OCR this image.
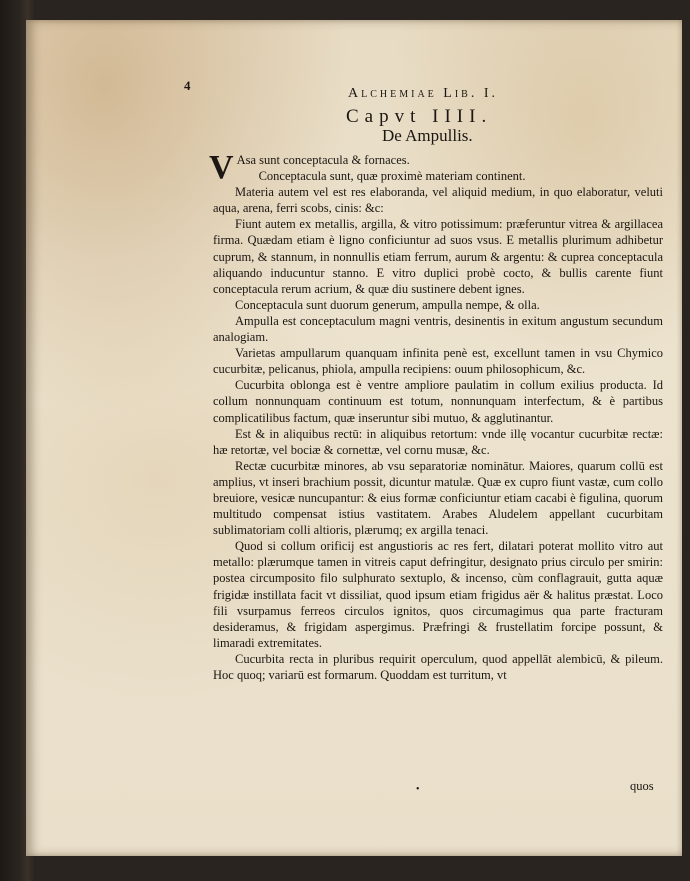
4
Alchemiae Lib. I.
Capvt IIII.
De Ampullis.

V Asa sunt conceptacula & fornaces.

Conceptacula sunt, quæ proximè materiam continent.

Materia autem vel est res elaboranda, vel aliquid medium, in quo elaboratur, veluti aqua, arena, ferri scobs, cinis: &c:

Fiunt autem ex metallis, argilla, & vitro potissimum: præferuntur vitrea & argillacea firma. Quædam etiam è ligno conficiuntur ad suos vsus. E metallis plurimum adhibetur cuprum, & stannum, in nonnullis etiam ferrum, aurum & argentu: & cuprea conceptacula aliquando inducuntur stanno. E vitro duplici probè cocto, & bullis carente fiunt conceptacula rerum acrium, & quæ diu sustinere debent ignes.

Conceptacula sunt duorum generum, ampulla nempe, & olla.

Ampulla est conceptaculum magni ventris, desinentis in exitum angustum secundum analogiam.

Varietas ampullarum quanquam infinita penè est, excellunt tamen in vsu Chymico cucurbitæ, pelicanus, phiola, ampulla recipiens: ouum philosophicum, &c.

Cucurbita oblonga est è ventre ampliore paulatim in collum exilius producta. Id collum nonnunquam continuum est totum, nonnunquam interfectum, & è partibus complicatilibus factum, quæ inseruntur sibi mutuo, & agglutinantur.

Est & in aliquibus rectū: in aliquibus retortum: vnde illę vocantur cucurbitæ rectæ: hæ retortæ, vel bociæ & cornettæ, vel cornu musæ, &c.

Rectæ cucurbitæ minores, ab vsu separatoriæ nominātur. Maiores, quarum collū est amplius, vt inseri brachium possit, dicuntur matulæ. Quæ ex cupro fiunt vastæ, cum collo breuiore, vesicæ nuncupantur: & eius formæ conficiuntur etiam cacabi è figulina, quorum multitudo compensat istius vastitatem. Arabes Aludelem appellant cucurbitam sublimatoriam colli altioris, plærumq; ex argilla tenaci.

Quod si collum orificij est angustioris ac res fert, dilatari poterat mollito vitro aut metallo: plærumque tamen in vitreis caput defringitur, designato prius circulo per smirin: postea circumposito filo sulphurato sextuplo, & incenso, cùm conflagrauit, gutta aquæ frigidæ instillata facit vt dissiliat, quod ipsum etiam frigidus aër & halitus præstat. Loco fili vsurpamus ferreos circulos ignitos, quos circumagimus qua parte fracturam desideramus, & frigidam aspergimus. Præfringi & frustellatim forcipe possunt, & limaradi extremitates.

Cucurbita recta in pluribus requirit operculum, quod appellāt alembicū, & pileum. Hoc quoq; variarū est formarum. Quoddam est turritum, vt

•	quos
